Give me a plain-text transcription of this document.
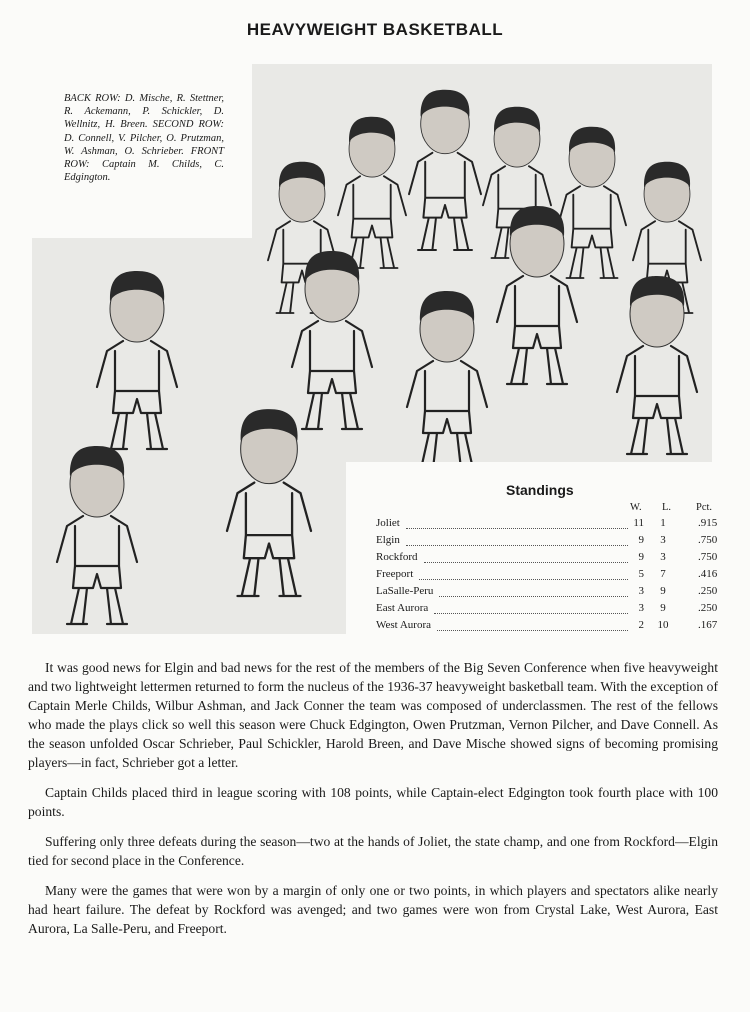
HEAVYWEIGHT BASKETBALL
BACK ROW: D. Mische, R. Stettner, R. Ackemann, P. Schickler, D. Wellnitz, H. Breen. SECOND ROW: D. Connell, V. Pilcher, O. Prutzman, W. Ashman, O. Schrieber. FRONT ROW: Captain M. Childs, C. Edgington.
Standings
W. L. Pct.
Joliet	11	1	.915
Elgin	9	3	.750
Rockford	9	3	.750
Freeport	5	7	.416
LaSalle-Peru	3	9	.250
East Aurora	3	9	.250
West Aurora	2 10	.167

It was good news for Elgin and bad news for the rest of the members of the Big Seven Conference when five heavyweight and two lightweight lettermen returned to form the nucleus of the 1936-37 heavyweight basketball team. With the exception of Captain Merle Childs, Wilbur Ashman, and Jack Conner the team was composed of underclassmen. The rest of the fellows who made the plays click so well this season were Chuck Edgington, Owen Prutzman, Vernon Pilcher, and Dave Connell. As the season unfolded Oscar Schrieber, Paul Schickler, Harold Breen, and Dave Mische showed signs of becoming promising players—in fact, Schrieber got a letter.

Captain Childs placed third in league scoring with 108 points, while Captain-elect Edgington took fourth place with 100 points.

Suffering only three defeats during the season—two at the hands of Joliet, the state champ, and one from Rockford—Elgin tied for second place in the Conference.

Many were the games that were won by a margin of only one or two points, in which players and spectators alike nearly had heart failure. The defeat by Rockford was avenged; and two games were won from Crystal Lake, West Aurora, East Aurora, La Salle-Peru, and Freeport.
